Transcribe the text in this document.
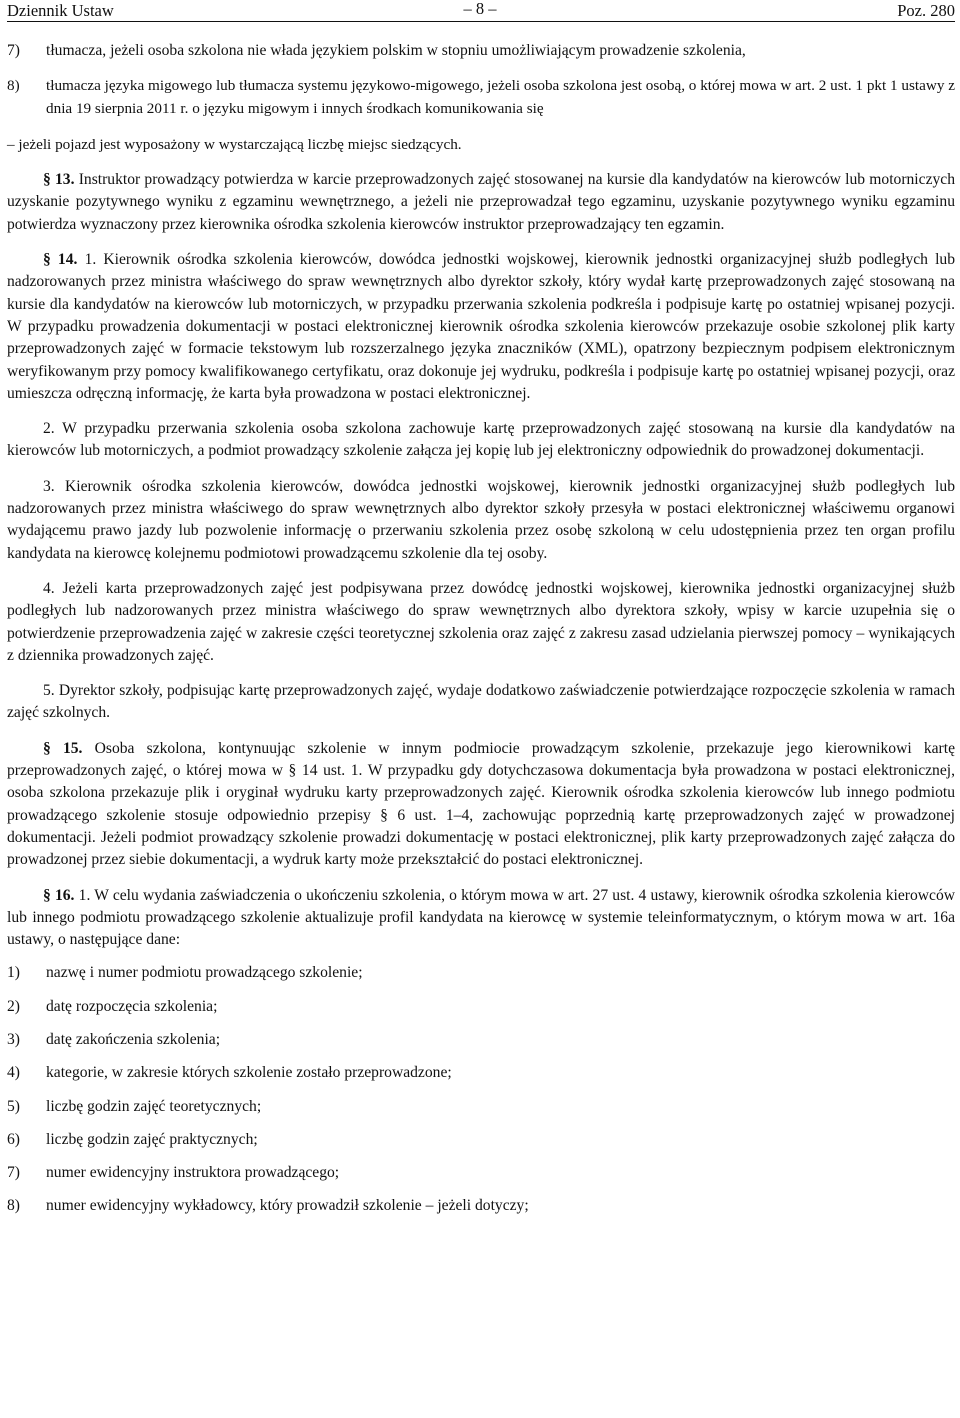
Dziennik Ustaw	– 8 –	Poz. 280

7) tłumacza, jeżeli osoba szkolona nie włada językiem polskim w stopniu umożliwiającym prowadzenie szkolenia,

8) tłumacza języka migowego lub tłumacza systemu językowo-migowego, jeżeli osoba szkolona jest osobą, o której mowa w art. 2 ust. 1 pkt 1 ustawy z dnia 19 sierpnia 2011 r. o języku migowym i innych środkach komunikowania się

– jeżeli pojazd jest wyposażony w wystarczającą liczbę miejsc siedzących.

§ 13. Instruktor prowadzący potwierdza w karcie przeprowadzonych zajęć stosowanej na kursie dla kandydatów na kierowców lub motorniczych uzyskanie pozytywnego wyniku z egzaminu wewnętrznego, a jeżeli nie przeprowadzał tego egzaminu, uzyskanie pozytywnego wyniku egzaminu potwierdza wyznaczony przez kierownika ośrodka szkolenia kierowców instruktor przeprowadzający ten egzamin.

§ 14. 1. Kierownik ośrodka szkolenia kierowców, dowódca jednostki wojskowej, kierownik jednostki organizacyjnej służb podległych lub nadzorowanych przez ministra właściwego do spraw wewnętrznych albo dyrektor szkoły, który wydał kartę przeprowadzonych zajęć stosowaną na kursie dla kandydatów na kierowców lub motorniczych, w przypadku przerwania szkolenia podkreśla i podpisuje kartę po ostatniej wpisanej pozycji. W przypadku prowadzenia dokumentacji w postaci elektronicznej kierownik ośrodka szkolenia kierowców przekazuje osobie szkolonej plik karty przeprowadzonych zajęć w formacie tekstowym lub rozszerzalnego języka znaczników (XML), opatrzony bezpiecznym podpisem elektronicznym weryfikowanym przy pomocy kwalifikowanego certyfikatu, oraz dokonuje jej wydruku, podkreśla i podpisuje kartę po ostatniej wpisanej pozycji, oraz umieszcza odręczną informację, że karta była prowadzona w postaci elektronicznej.

2. W przypadku przerwania szkolenia osoba szkolona zachowuje kartę przeprowadzonych zajęć stosowaną na kursie dla kandydatów na kierowców lub motorniczych, a podmiot prowadzący szkolenie załącza jej kopię lub jej elektroniczny odpowiednik do prowadzonej dokumentacji.

3. Kierownik ośrodka szkolenia kierowców, dowódca jednostki wojskowej, kierownik jednostki organizacyjnej służb podległych lub nadzorowanych przez ministra właściwego do spraw wewnętrznych albo dyrektor szkoły przesyła w postaci elektronicznej właściwemu organowi wydającemu prawo jazdy lub pozwolenie informację o przerwaniu szkolenia przez osobę szkoloną w celu udostępnienia przez ten organ profilu kandydata na kierowcę kolejnemu podmiotowi prowadzącemu szkolenie dla tej osoby.

4. Jeżeli karta przeprowadzonych zajęć jest podpisywana przez dowódcę jednostki wojskowej, kierownika jednostki organizacyjnej służb podległych lub nadzorowanych przez ministra właściwego do spraw wewnętrznych albo dyrektora szkoły, wpisy w karcie uzupełnia się o potwierdzenie przeprowadzenia zajęć w zakresie części teoretycznej szkolenia oraz zajęć z zakresu zasad udzielania pierwszej pomocy – wynikających z dziennika prowadzonych zajęć.

5. Dyrektor szkoły, podpisując kartę przeprowadzonych zajęć, wydaje dodatkowo zaświadczenie potwierdzające rozpoczęcie szkolenia w ramach zajęć szkolnych.

§ 15. Osoba szkolona, kontynuując szkolenie w innym podmiocie prowadzącym szkolenie, przekazuje jego kierownikowi kartę przeprowadzonych zajęć, o której mowa w § 14 ust. 1. W przypadku gdy dotychczasowa dokumentacja była prowadzona w postaci elektronicznej, osoba szkolona przekazuje plik i oryginał wydruku karty przeprowadzonych zajęć. Kierownik ośrodka szkolenia kierowców lub innego podmiotu prowadzącego szkolenie stosuje odpowiednio przepisy § 6 ust. 1–4, zachowując poprzednią kartę przeprowadzonych zajęć w prowadzonej dokumentacji. Jeżeli podmiot prowadzący szkolenie prowadzi dokumentację w postaci elektronicznej, plik karty przeprowadzonych zajęć załącza do prowadzonej przez siebie dokumentacji, a wydruk karty może przekształcić do postaci elektronicznej.

§ 16. 1. W celu wydania zaświadczenia o ukończeniu szkolenia, o którym mowa w art. 27 ust. 4 ustawy, kierownik ośrodka szkolenia kierowców lub innego podmiotu prowadzącego szkolenie aktualizuje profil kandydata na kierowcę w systemie teleinformatycznym, o którym mowa w art. 16a ustawy, o następujące dane:

1) nazwę i numer podmiotu prowadzącego szkolenie;

2) datę rozpoczęcia szkolenia;

3) datę zakończenia szkolenia;

4) kategorie, w zakresie których szkolenie zostało przeprowadzone;

5) liczbę godzin zajęć teoretycznych;

6) liczbę godzin zajęć praktycznych;

7) numer ewidencyjny instruktora prowadzącego;

8) numer ewidencyjny wykładowcy, który prowadził szkolenie – jeżeli dotyczy;
